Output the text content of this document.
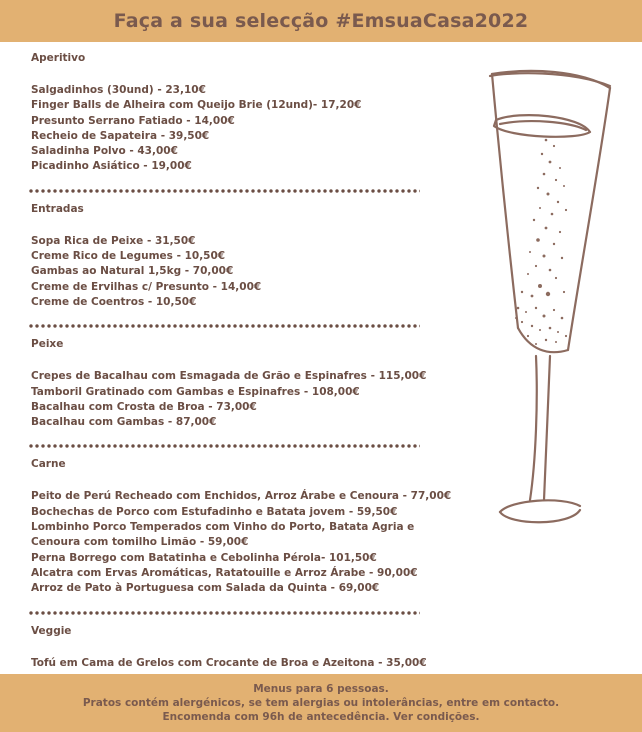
Faça a sua selecção #EmsuaCasa2022
Aperitivo
Salgadinhos (30und) - 23,10€
Finger Balls de Alheira com Queijo Brie (12und)- 17,20€
Presunto Serrano Fatiado - 14,00€
Recheio de Sapateira - 39,50€
Saladinha Polvo - 43,00€
Picadinho Asiático - 19,00€
Entradas
Sopa Rica de Peixe - 31,50€
Creme Rico de Legumes - 10,50€
Gambas ao Natural 1,5kg - 70,00€
Creme de Ervilhas c/ Presunto - 14,00€
Creme de Coentros - 10,50€
Peixe
Crepes de Bacalhau com Esmagada de Grão e Espinafres - 115,00€
Tamboril Gratinado com Gambas e Espinafres - 108,00€
Bacalhau com Crosta de Broa - 73,00€
Bacalhau com Gambas - 87,00€
Carne
Peito de Perú Recheado com Enchidos, Arroz Árabe e Cenoura - 77,00€
Bochechas de Porco com Estufadinho e Batata jovem - 59,50€
Lombinho Porco Temperados com Vinho do Porto, Batata Agria e Cenoura com tomilho Limão - 59,00€
Perna Borrego com Batatinha e Cebolinha Pérola- 101,50€
Alcatra com Ervas Aromáticas, Ratatouille e Arroz Árabe - 90,00€
Arroz de Pato à Portuguesa com Salada da Quinta - 69,00€
Veggie
Tofú em Cama de Grelos com Crocante de Broa e Azeitona - 35,00€
Menus para 6 pessoas.
Pratos contém alergénicos, se tem alergias ou intolerâncias, entre em contacto.
Encomenda com 96h de antecedência. Ver condições.
